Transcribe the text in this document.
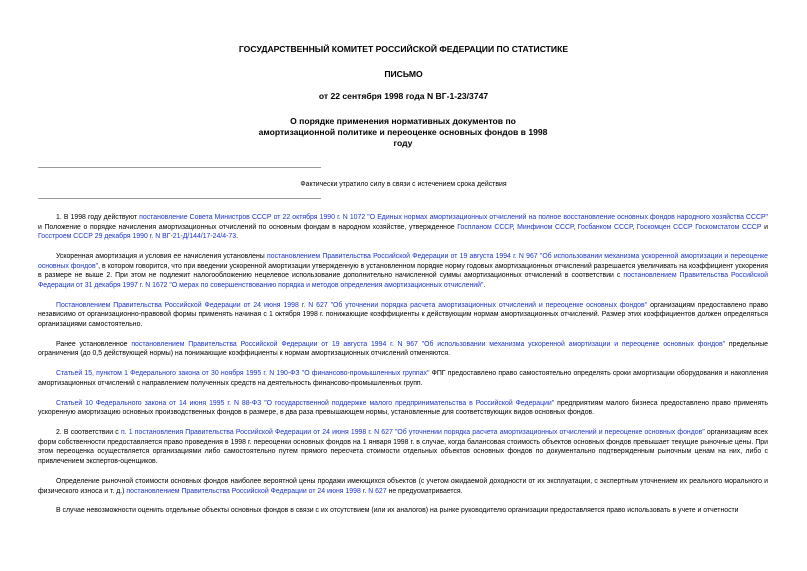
ГОСУДАРСТВЕННЫЙ КОМИТЕТ РОССИЙСКОЙ ФЕДЕРАЦИИ ПО СТАТИСТИКЕ
ПИСЬМО
от 22 сентября 1998 года N ВГ-1-23/3747
О порядке применения нормативных документов по амортизационной политике и переоценке основных фондов в 1998 году
Фактически утратило силу в связи с истечением срока действия

1. В 1998 году действуют постановление Совета Министров СССР от 22 октября 1990 г. N 1072 "О Единых нормах амортизационных отчислений на полное восстановление основных фондов народного хозяйства СССР" и Положение о порядке начисления амортизационных отчислений по основным фондам в народном хозяйстве, утвержденное Госпланом СССР, Минфином СССР, Госбанком СССР, Госкомцен СССР Госкомстатом СССР и Госстроем СССР 29 декабря 1990 г. N ВГ-21-Д/144/17-24/4-73.

Ускоренная амортизация и условия ее начисления установлены постановлением Правительства Российской Федерации от 19 августа 1994 г. N 967 "Об использовании механизма ускоренной амортизации и переоценке основных фондов", в котором говорится, что при введении ускоренной амортизации утвержденную в установленном порядке норму годовых амортизационных отчислений разрешается увеличивать на коэффициент ускорения в размере не выше 2. При этом не подлежит налогообложению нецелевое использование дополнительно начисленной суммы амортизационных отчислений в соответствии с постановлением Правительства Российской Федерации от 31 декабря 1997 г. N 1672 "О мерах по совершенствованию порядка и методов определения амортизационных отчислений".

Постановлением Правительства Российской Федерации от 24 июня 1998 г. N 627 "Об уточнении порядка расчета амортизационных отчислений и переоценке основных фондов" организациям предоставлено право независимо от организационно-правовой формы применять начиная с 1 октября 1998 г. понижающие коэффициенты к действующим нормам амортизационных отчислений. Размер этих коэффициентов должен определяться организациями самостоятельно.

Ранее установленное постановлением Правительства Российской Федерации от 19 августа 1994 г. N 967 "Об использовании механизма ускоренной амортизации и переоценке основных фондов" предельные ограничения (до 0,5 действующей нормы) на понижающие коэффициенты к нормам амортизационных отчислений отменяются.

Статьей 15, пунктом 1 Федерального закона от 30 ноября 1995 г. N 190-ФЗ "О финансово-промышленных группах" ФПГ предоставлено право самостоятельно определять сроки амортизации оборудования и накопления амортизационных отчислений с направлением полученных средств на деятельность финансово-промышленных групп.

Статьей 10 Федерального закона от 14 июня 1995 г. N 88-ФЗ "О государственной поддержке малого предпринимательства в Российской Федерации" предприятиям малого бизнеса предоставлено право применять ускоренную амортизацию основных производственных фондов в размере, в два раза превышающем нормы, установленные для соответствующих видов основных фондов.

2. В соответствии с п. 1 постановления Правительства Российской Федерации от 24 июня 1998 г. N 627 "Об уточнении порядка расчета амортизационных отчислений и переоценке основных фондов" организациям всех форм собственности предоставляется право проведения в 1998 г. переоценки основных фондов на 1 января 1998 г. в случае, когда балансовая стоимость объектов основных фондов превышает текущие рыночные цены. При этом переоценка осуществляется организациями либо самостоятельно путем прямого пересчета стоимости отдельных объектов основных фондов по документально подтвержденным рыночным ценам на них, либо с привлечением экспертов-оценщиков.

Определение рыночной стоимости основных фондов наиболее вероятной цены продажи имеющихся объектов (с учетом ожидаемой доходности от их эксплуатации, с экспертным уточнением их реального морального и физического износа и т. д.) постановлением Правительства Российской Федерации от 24 июня 1998 г. N 627 не предусматривается.

В случае невозможности оценить отдельные объекты основных фондов в связи с их отсутствием (или их аналогов) на рынке руководителю организации предоставляется право использовать в учете и отчетности
